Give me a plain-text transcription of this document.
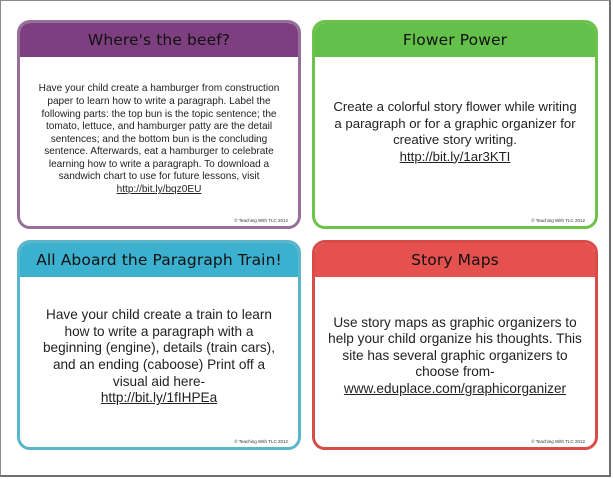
Where's the beef?
Have your child create a hamburger from construction paper to learn how to write a paragraph. Label the following parts: the top bun is the topic sentence; the tomato, lettuce, and hamburger patty are the detail sentences; and the bottom bun is the concluding sentence. Afterwards, eat a hamburger to celebrate learning how to write a paragraph. To download a sandwich chart to use for future lessons, visit
http://bit.ly/bqz0EU
© Teaching With TLC 2012
Flower Power
Create a colorful story flower while writing a paragraph or for a graphic organizer for creative story writing.
http://bit.ly/1ar3KTI
© Teaching With TLC 2012
All Aboard the Paragraph Train!
Have your child create a train to learn how to write a paragraph with a beginning (engine), details (train cars), and an ending (caboose) Print off a visual aid here-
http://bit.ly/1fIHPEa
© Teaching With TLC 2012
Story Maps
Use story maps as graphic organizers to help your child organize his thoughts. This site has several graphic organizers to choose from-
www.eduplace.com/graphicorganizer
© Teaching With TLC 2012
